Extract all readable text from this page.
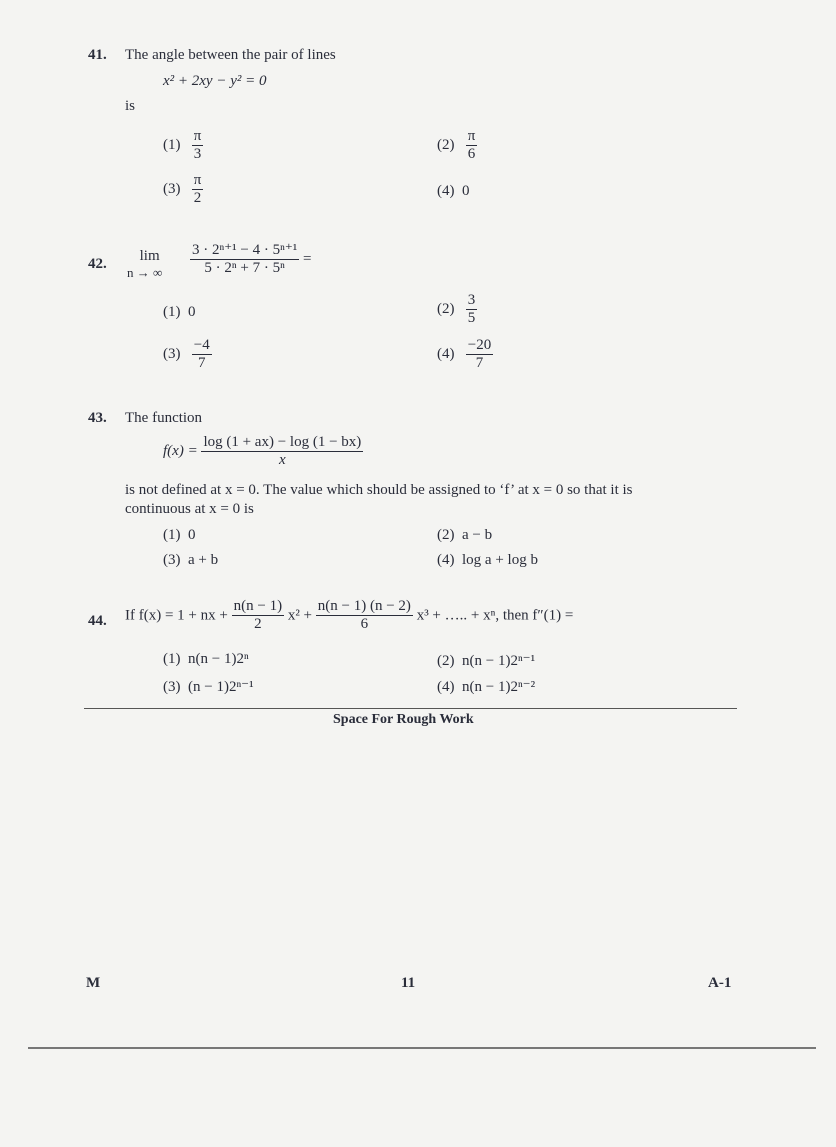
41. The angle between the pair of lines
x² + 2xy − y² = 0
is
$(1) \frac{\pi}{3}$	$(2) \frac{\pi}{6}$
$(3) \frac{\pi}{2}$	(4) 0
42.	lim
n → ∞ $\frac{\text{3 · 2ⁿ⁺¹ − 4 · 5ⁿ⁺¹}}{\text{5 · 2ⁿ + 7 · 5ⁿ}}$ =
(1) 0	$(2) \frac{3}{5}$
$(3) \frac{-4}{7}$	$(4) \frac{-20}{7}$
43. The function
$f(x) = \frac{\log (1 + ax) - \log (1 - bx)}{x}$
is not defined at x = 0. The value which should be assigned to ‘f’ at x = 0 so that it is
continuous at x = 0 is
(1) 0	(2) a − b
(3) a + b	(4) log a + log b
44. If f(x) = 1 + nx + $\frac{n(n - 1)}{2} x^2 + \frac{n(n - 1) (n - 2)}{6} x^3$ + ….. + xⁿ, then f″(1) =
(1) n(n − 1)2ⁿ	(2) n(n − 1)2ⁿ⁻¹
(3) (n − 1)2ⁿ⁻¹	(4) n(n − 1)2ⁿ⁻²
Space For Rough Work
M	11	A-1
